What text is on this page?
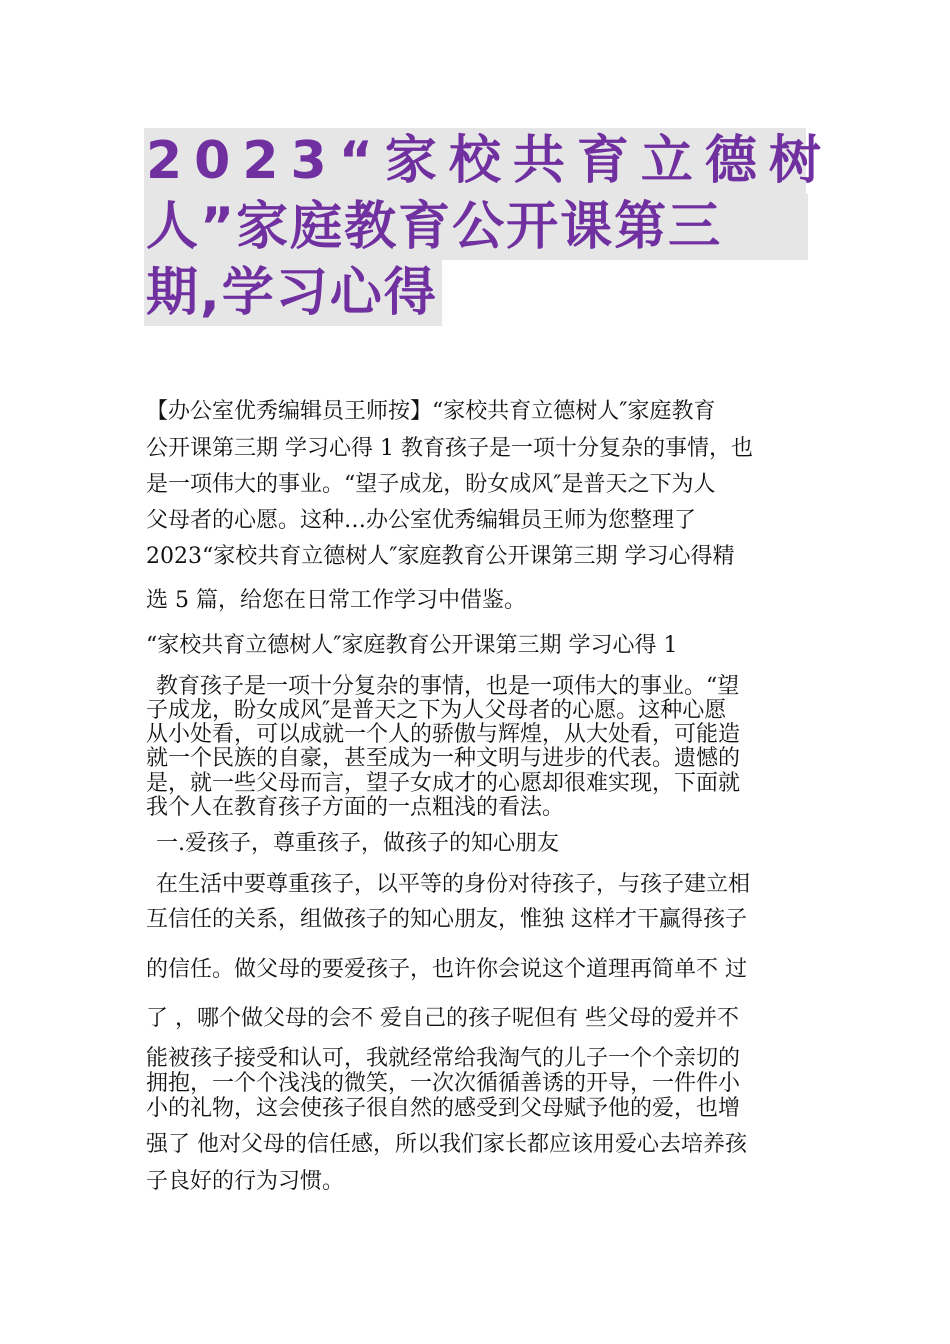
2023“家校共育立德树
人”家庭教育公开课第三
期,学习心得
【办公室优秀编辑员王师按】“家校共育立德树人″家庭教育
公开课第三期 学习心得 1 教育孩子是一项十分复杂的事情，也
是一项伟大的事业。“望子成龙，盼女成风″是普天之下为人
父母者的心愿。这种…办公室优秀编辑员王师为您整理了
2023“家校共育立德树人″家庭教育公开课第三期 学习心得精
选 5 篇，给您在日常工作学习中借鉴。
“家校共育立德树人″家庭教育公开课第三期 学习心得 1
教育孩子是一项十分复杂的事情，也是一项伟大的事业。“望
子成龙，盼女成风″是普天之下为人父母者的心愿。这种心愿
从小处看，可以成就一个人的骄傲与辉煌，从大处看，可能造
就一个民族的自豪，甚至成为一种文明与进步的代表。遗憾的
是，就一些父母而言，望子女成才的心愿却很难实现，下面就
我个人在教育孩子方面的一点粗浅的看法。
一.爱孩子，尊重孩子，做孩子的知心朋友
在生活中要尊重孩子，以平等的身份对待孩子，与孩子建立相
互信任的关系，组做孩子的知心朋友，惟独 这样才干赢得孩子
的信任。做父母的要爱孩子，也许你会说这个道理再简单不 过
了 ，哪个做父母的会不 爱自己的孩子呢但有 些父母的爱并不
能被孩子接受和认可，我就经常给我淘气的儿子一个个亲切的
拥抱，一个个浅浅的微笑，一次次循循善诱的开导，一件件小
小的礼物，这会使孩子很自然的感受到父母赋予他的爱，也增
强了 他对父母的信任感，所以我们家长都应该用爱心去培养孩
子良好的行为习惯。
